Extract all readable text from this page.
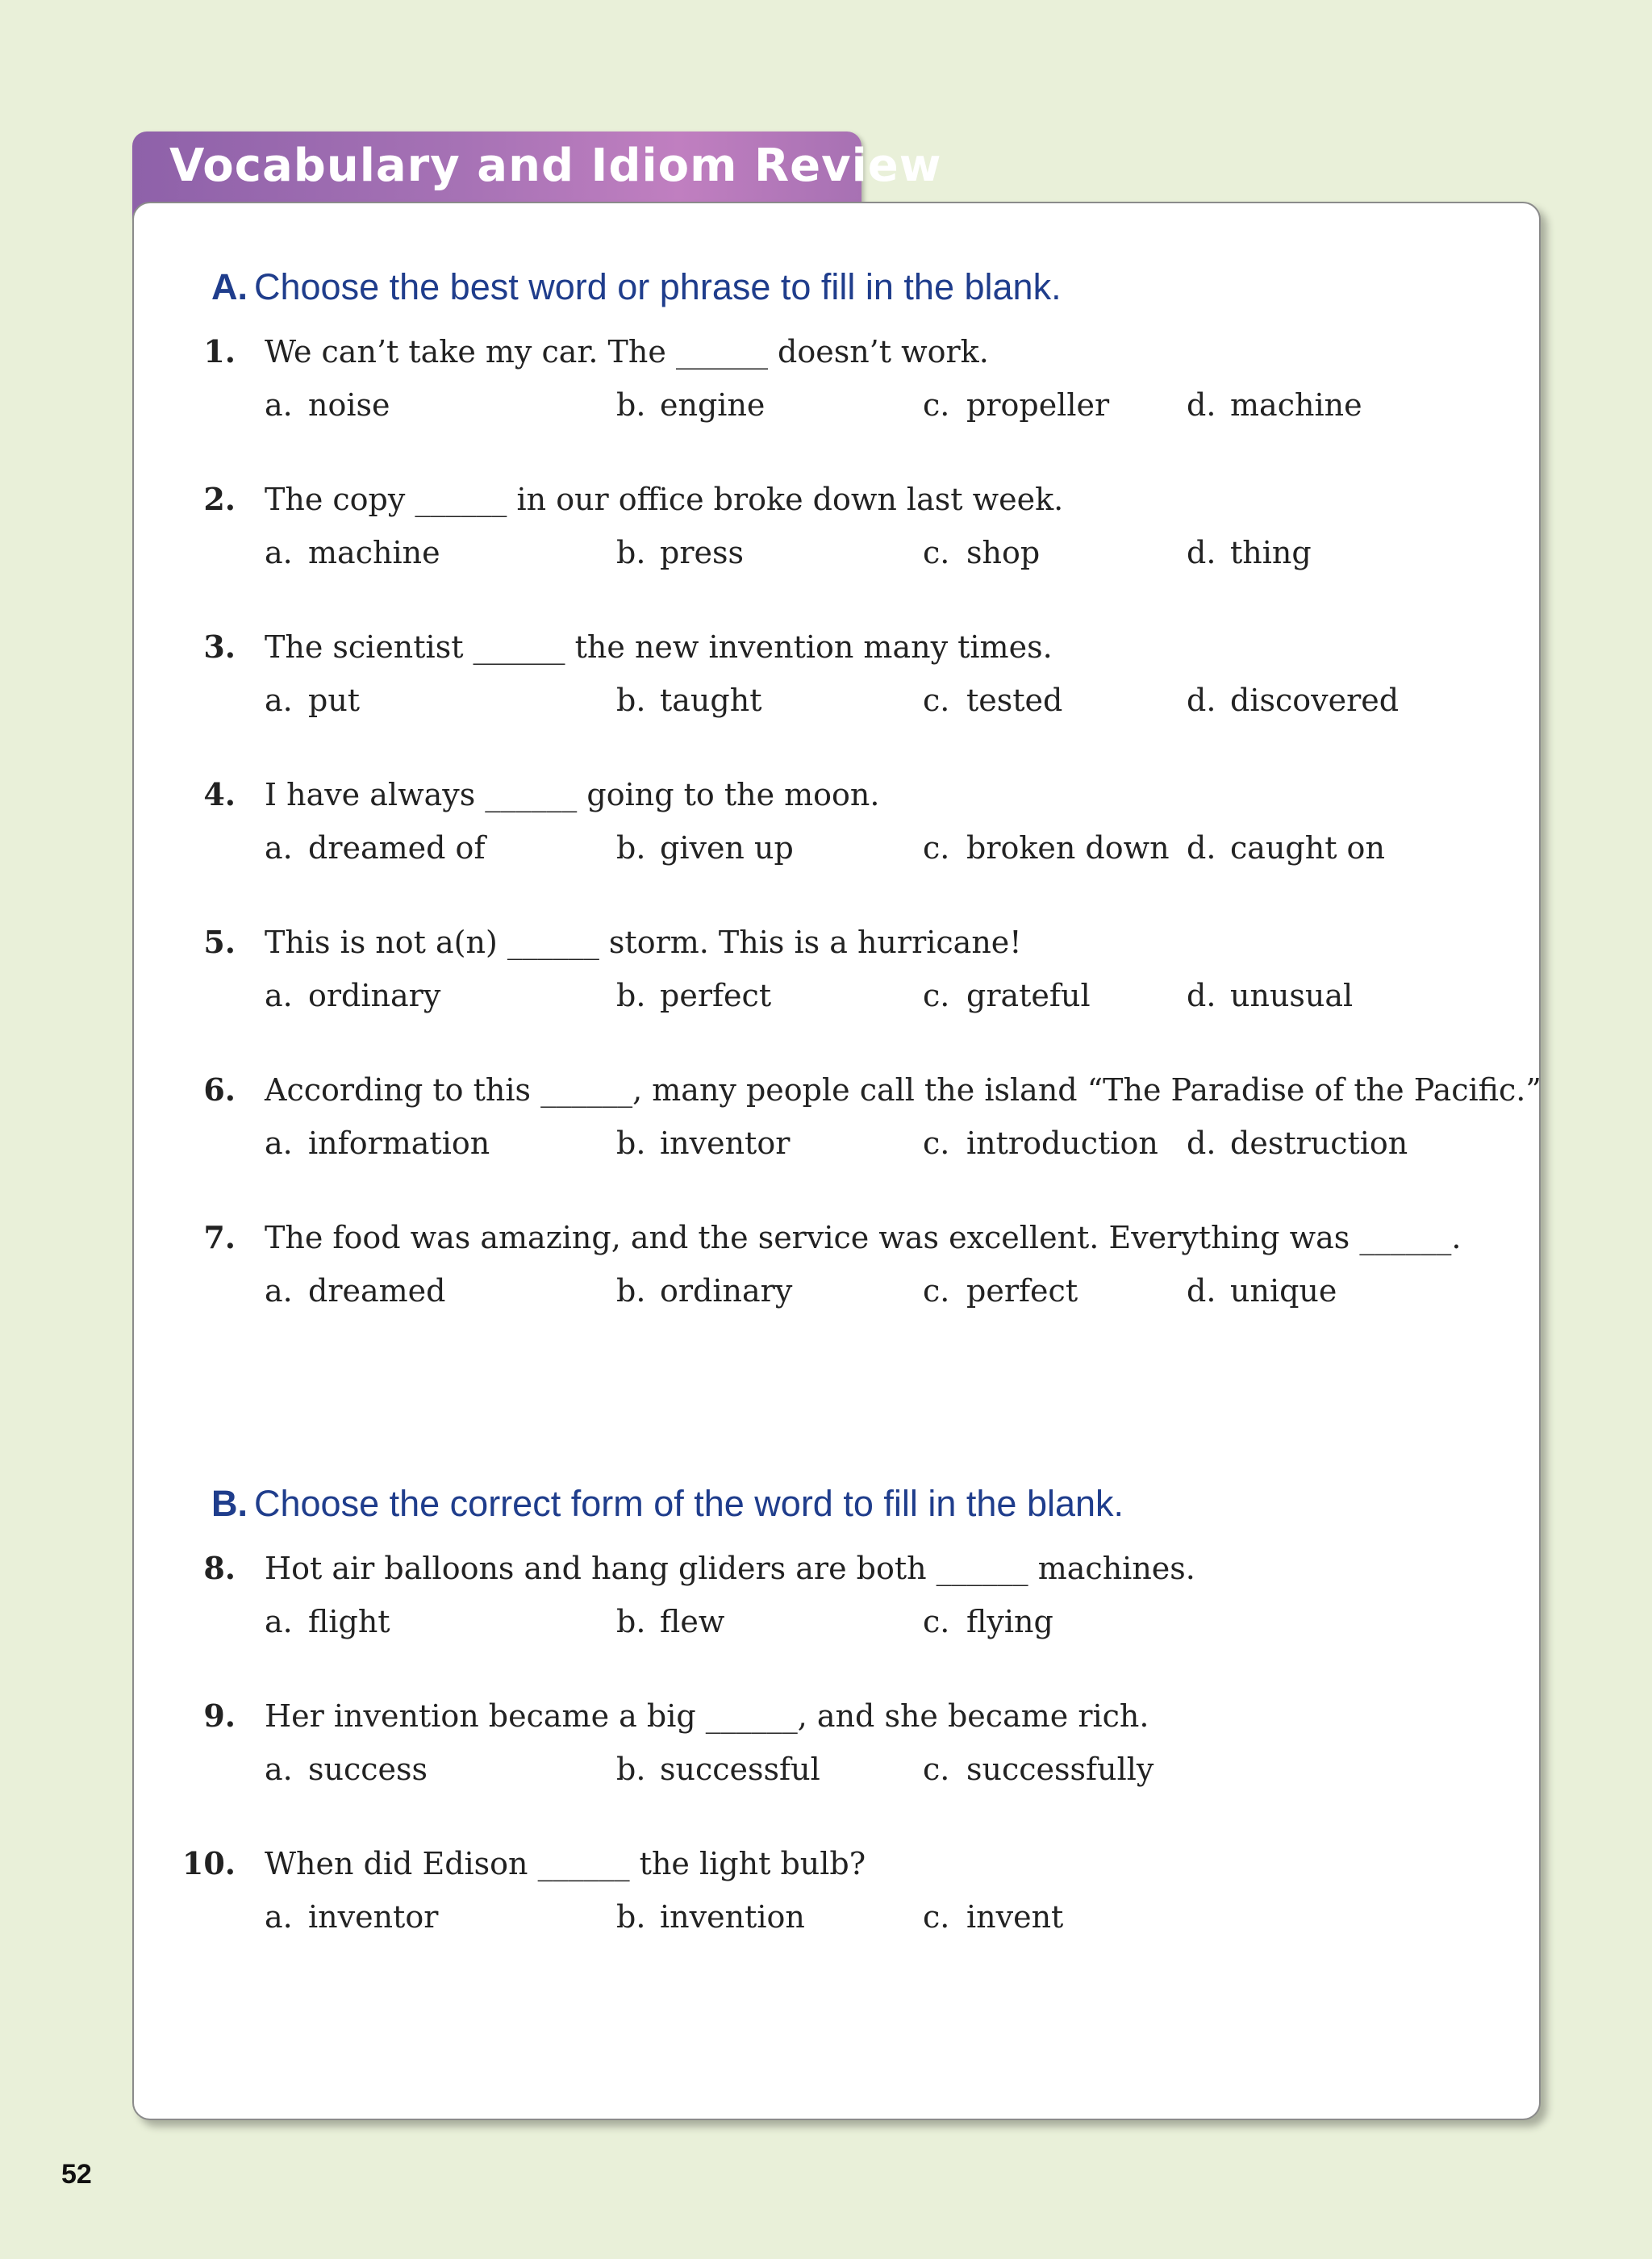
Vocabulary and Idiom Review
A. Choose the best word or phrase to fill in the blank.
1. We can’t take my car. The ______ doesn’t work.
a. noise	b. engine	c. propeller	d. machine
2. The copy ______ in our office broke down last week.
a. machine	b. press	c. shop	d. thing
3. The scientist ______ the new invention many times.
a. put	b. taught	c. tested	d. discovered
4. I have always ______ going to the moon.
a. dreamed of	b. given up	c. broken down d. caught on
5. This is not a(n) ______ storm. This is a hurricane!
a. ordinary	b. perfect	c. grateful	d. unusual
6. According to this ______, many people call the island “The Paradise of the Pacific.”
a. information	b. inventor	c. introduction d. destruction
7. The food was amazing, and the service was excellent. Everything was ______.
a. dreamed	b. ordinary	c. perfect	d. unique
B. Choose the correct form of the word to fill in the blank.
8. Hot air balloons and hang gliders are both ______ machines.
a. flight	b. flew	c. flying
9. Her invention became a big ______, and she became rich.
a. success	b. successful	c. successfully
10. When did Edison ______ the light bulb?
a. inventor	b. invention	c. invent
52
